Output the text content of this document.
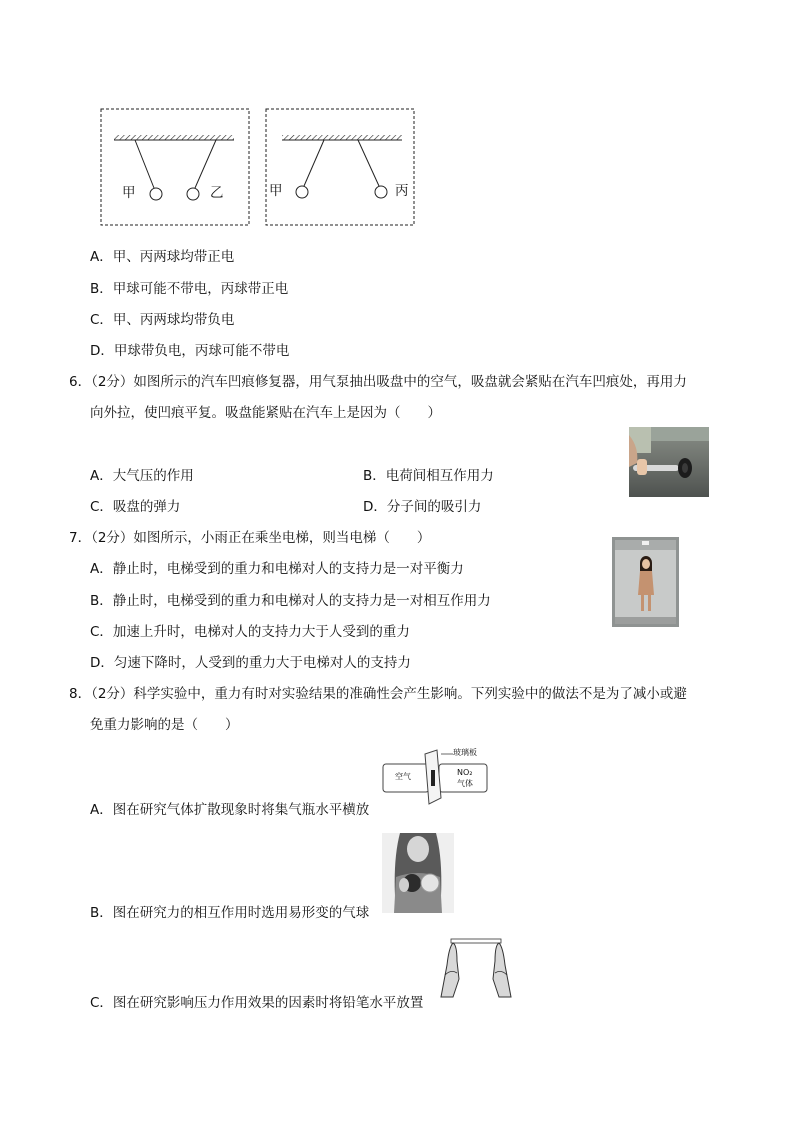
甲	乙	甲	丙
A．甲、丙两球均带正电
B．甲球可能不带电，丙球带正电
C．甲、丙两球均带负电
D．甲球带负电，丙球可能不带电
6．（2分）如图所示的汽车凹痕修复器，用气泵抽出吸盘中的空气，吸盘就会紧贴在汽车凹痕处，再用力
向外拉，使凹痕平复。吸盘能紧贴在汽车上是因为（　　）
A．大气压的作用	B．电荷间相互作用力
C．吸盘的弹力	D．分子间的吸引力
7．（2分）如图所示，小雨正在乘坐电梯，则当电梯（　　）
A．静止时，电梯受到的重力和电梯对人的支持力是一对平衡力
B．静止时，电梯受到的重力和电梯对人的支持力是一对相互作用力
C．加速上升时，电梯对人的支持力大于人受到的重力
D．匀速下降时，人受到的重力大于电梯对人的支持力
8．（2分）科学实验中，重力有时对实验结果的准确性会产生影响。下列实验中的做法不是为了减小或避
免重力影响的是（　　）
玻璃板
空气	NO₂
气体
A．图在研究气体扩散现象时将集气瓶水平横放
B．图在研究力的相互作用时选用易形变的气球
C．图在研究影响压力作用效果的因素时将铅笔水平放置
